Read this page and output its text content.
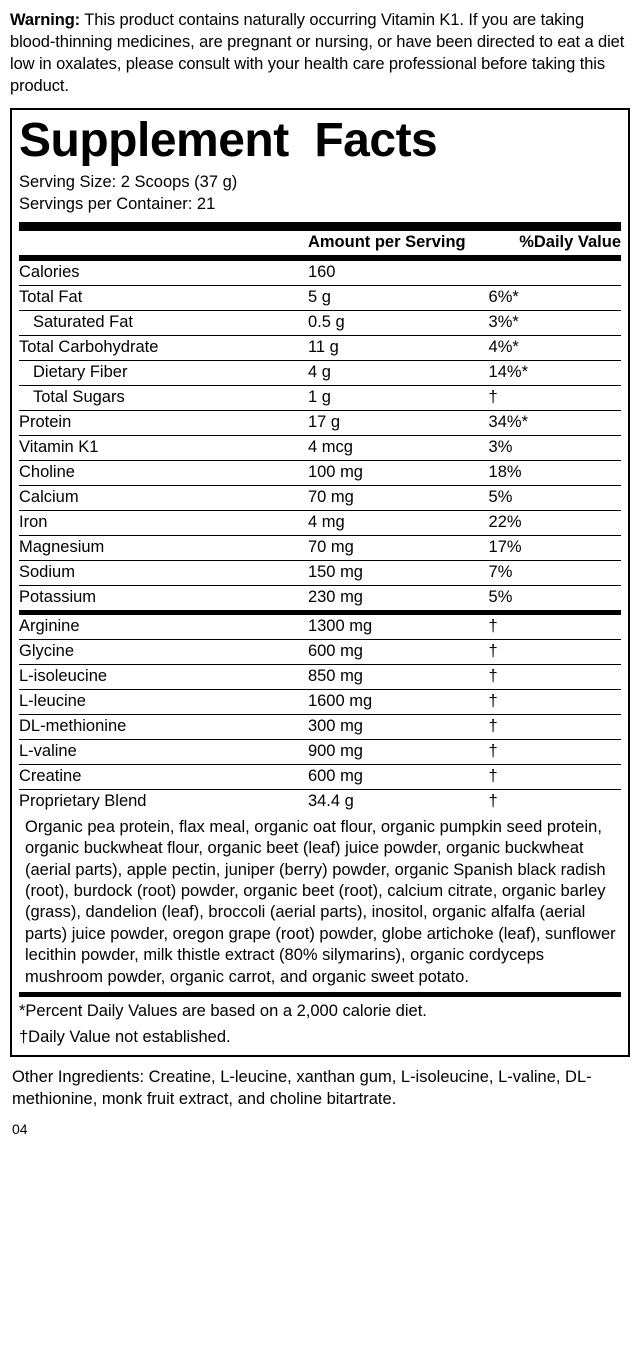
Warning: This product contains naturally occurring Vitamin K1. If you are taking blood-thinning medicines, are pregnant or nursing, or have been directed to eat a diet low in oxalates, please consult with your health care professional before taking this product.

Supplement  Facts
Serving Size: 2 Scoops (37 g)
Servings per Container: 21
	Amount per Serving	%Daily Value
Calories	160	
Total Fat	5 g	6%*
Saturated Fat	0.5 g	3%*
Total Carbohydrate	11 g	4%*
Dietary Fiber	4 g	14%*
Total Sugars	1 g	†
Protein	17 g	34%*
Vitamin K1	4 mcg	3%
Choline	100 mg	18%
Calcium	70 mg	5%
Iron	4 mg	22%
Magnesium	70 mg	17%
Sodium	150 mg	7%
Potassium	230 mg	5%
Arginine	1300 mg	†
Glycine	600 mg	†
L-isoleucine	850 mg	†
L-leucine	1600 mg	†
DL-methionine	300 mg	†
L-valine	900 mg	†
Creatine	600 mg	†
Proprietary Blend	34.4 g	†
Organic pea protein, flax meal, organic oat flour, organic pumpkin seed protein, organic buckwheat flour, organic beet (leaf) juice powder, organic buckwheat (aerial parts), apple pectin, juniper (berry) powder, organic Spanish black radish (root), burdock (root) powder, organic beet (root), calcium citrate, organic barley (grass), dandelion (leaf), broccoli (aerial parts), inositol, organic alfalfa (aerial parts) juice powder, oregon grape (root) powder, globe artichoke (leaf), sunflower lecithin powder, milk thistle extract (80% silymarins), organic cordyceps mushroom powder, organic carrot, and organic sweet potato.
*Percent Daily Values are based on a 2,000 calorie diet.
†Daily Value not established.

Other Ingredients: Creatine, L-leucine, xanthan gum, L-isoleucine, L-valine, DL-methionine, monk fruit extract, and choline bitartrate.

04
